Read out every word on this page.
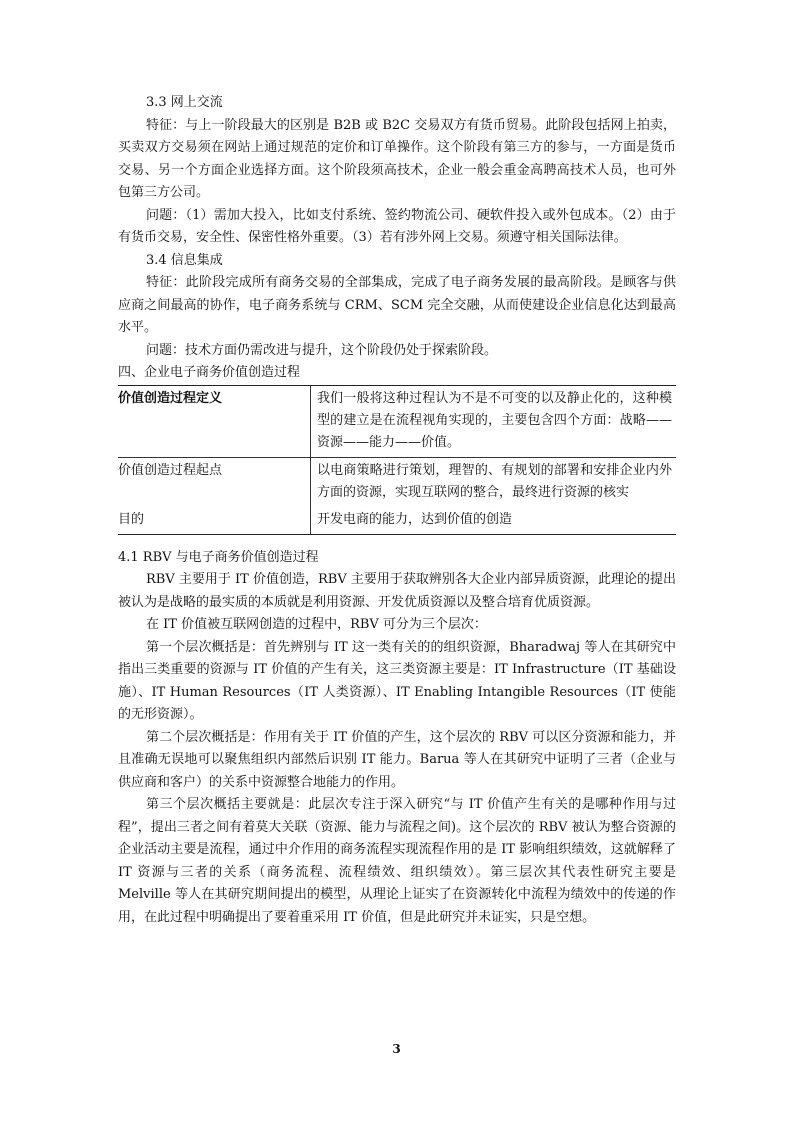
3.3 网上交流

特征：与上一阶段最大的区别是 B2B 或 B2C 交易双方有货币贸易。此阶段包括网上拍卖，买卖双方交易须在网站上通过规范的定价和订单操作。这个阶段有第三方的参与，一方面是货币交易、另一个方面企业选择方面。这个阶段须高技术，企业一般会重金高聘高技术人员，也可外包第三方公司。

问题：（1）需加大投入，比如支付系统、签约物流公司、硬软件投入或外包成本。（2）由于有货币交易，安全性、保密性格外重要。（3）若有涉外网上交易。须遵守相关国际法律。

3.4 信息集成

特征：此阶段完成所有商务交易的全部集成，完成了电子商务发展的最高阶段。是顾客与供应商之间最高的协作，电子商务系统与 CRM、SCM 完全交融，从而使建设企业信息化达到最高水平。

问题：技术方面仍需改进与提升，这个阶段仍处于探索阶段。

四、企业电子商务价值创造过程

价值创造过程定义	我们一般将这种过程认为不是不可变的以及静止化的，这种模型的建立是在流程视角实现的，主要包含四个方面：战略——资源——能力——价值。
价值创造过程起点	以电商策略进行策划，理智的、有规划的部署和安排企业内外方面的资源，实现互联网的整合，最终进行资源的核实
目的	开发电商的能力，达到价值的创造

4.1 RBV 与电子商务价值创造过程

RBV 主要用于 IT 价值创造，RBV 主要用于获取辨别各大企业内部异质资源，此理论的提出被认为是战略的最实质的本质就是利用资源、开发优质资源以及整合培育优质资源。

在 IT 价值被互联网创造的过程中，RBV 可分为三个层次：

第一个层次概括是：首先辨别与 IT 这一类有关的的组织资源，Bharadwaj 等人在其研究中指出三类重要的资源与 IT 价值的产生有关，这三类资源主要是：IT Infrastructure（IT 基础设施）、IT Human Resources（IT 人类资源）、IT Enabling Intangible Resources（IT 使能的无形资源）。

第二个层次概括是：作用有关于 IT 价值的产生，这个层次的 RBV 可以区分资源和能力，并且准确无误地可以聚焦组织内部然后识别 IT 能力。Barua 等人在其研究中证明了三者（企业与供应商和客户）的关系中资源整合地能力的作用。

第三个层次概括主要就是：此层次专注于深入研究“与 IT 价值产生有关的是哪种作用与过程”，提出三者之间有着莫大关联（资源、能力与流程之间)。这个层次的 RBV 被认为整合资源的企业活动主要是流程，通过中介作用的商务流程实现流程作用的是 IT 影响组织绩效，这就解释了 IT 资源与三者的关系（商务流程、流程绩效、组织绩效）。第三层次其代表性研究主要是 Melville 等人在其研究期间提出的模型，从理论上证实了在资源转化中流程为绩效中的传递的作用，在此过程中明确提出了要着重采用 IT 价值，但是此研究并未证实，只是空想。

3
